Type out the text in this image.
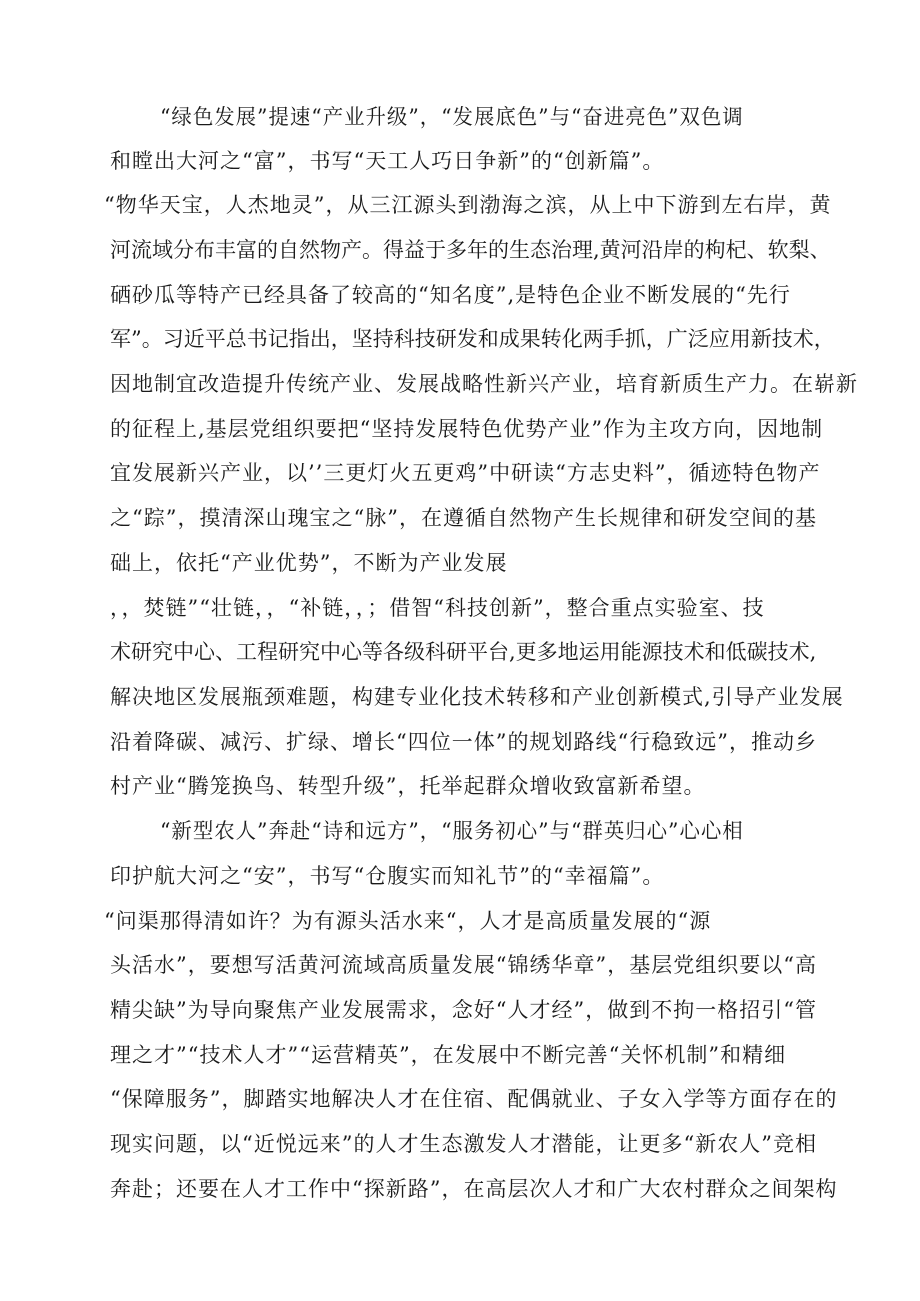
“绿色发展”提速“产业升级”，“发展底色”与“奋进亮色”双色调
和瞠出大河之“富”，书写“天工人巧日争新”的“创新篇”。
“物华天宝，人杰地灵”，从三江源头到渤海之滨，从上中下游到左右岸，黄
河流域分布丰富的自然物产。得益于多年的生态治理,黄河沿岸的枸杞、软梨、
硒砂瓜等特产已经具备了较高的“知名度”,是特色企业不断发展的“先行
军”。习近平总书记指出，坚持科技研发和成果转化两手抓，广泛应用新技术，
因地制宜改造提升传统产业、发展战略性新兴产业，培育新质生产力。在崭新
的征程上,基层党组织要把“坚持发展特色优势产业”作为主攻方向，因地制
宜发展新兴产业，以’’三更灯火五更鸡”中研读“方志史料”，循迹特色物产
之“踪”，摸清深山瑰宝之“脉”，在遵循自然物产生长规律和研发空间的基
础上，依托“产业优势”，不断为产业发展
，，焚链”“壮链，，“补链，，；借智“科技创新”，整合重点实验室、技
术研究中心、工程研究中心等各级科研平台,更多地运用能源技术和低碳技术,
解决地区发展瓶颈难题，构建专业化技术转移和产业创新模式,引导产业发展
沿着降碳、减污、扩绿、增长“四位一体”的规划路线“行稳致远”，推动乡
村产业“腾笼换鸟、转型升级”，托举起群众增收致富新希望。
“新型农人”奔赴“诗和远方”，“服务初心”与“群英归心”心心相
印护航大河之“安”，书写“仓腹实而知礼节”的“幸福篇”。
“问渠那得清如许？为有源头活水来“，人才是高质量发展的“源
头活水”，要想写活黄河流域高质量发展“锦绣华章”，基层党组织要以“高
精尖缺”为导向聚焦产业发展需求，念好“人才经”，做到不拘一格招引“管
理之才”“技术人才”“运营精英”，在发展中不断完善“关怀机制”和精细
“保障服务”，脚踏实地解决人才在住宿、配偶就业、子女入学等方面存在的
现实问题，以“近悦远来”的人才生态激发人才潜能，让更多“新农人”竞相
奔赴；还要在人才工作中“探新路”，在高层次人才和广大农村群众之间架构
